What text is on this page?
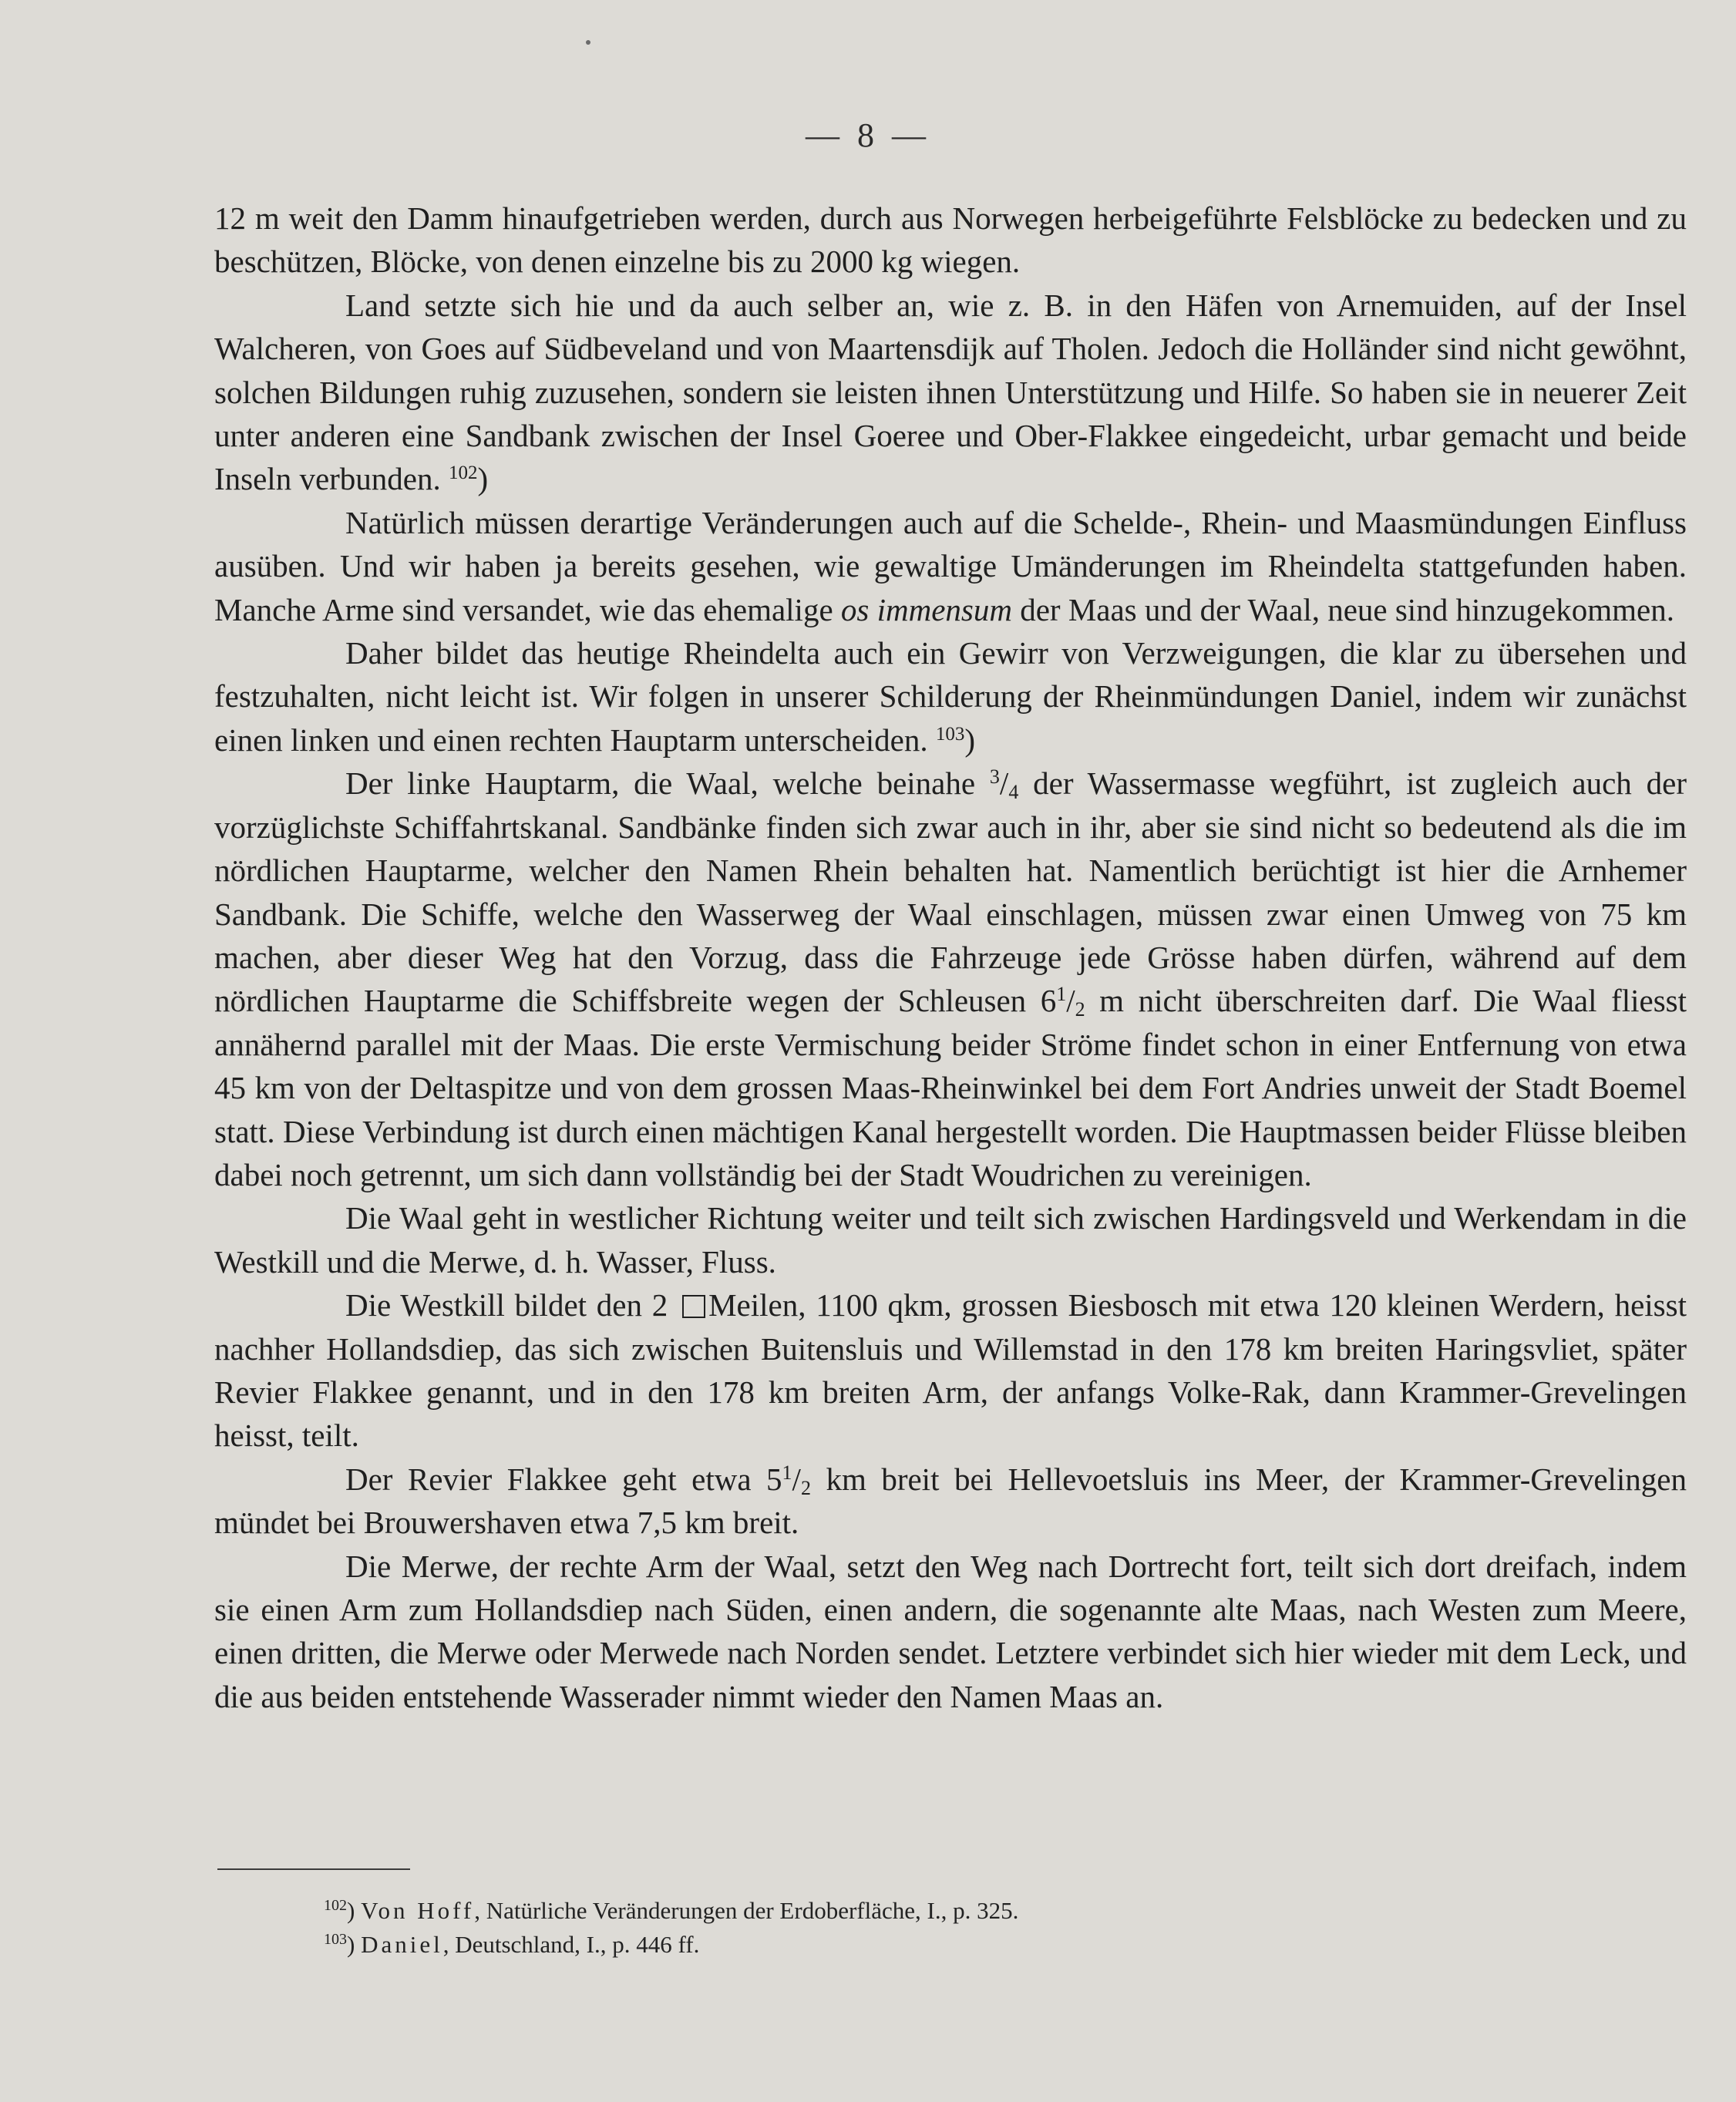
— 8 —

12 m weit den Damm hinaufgetrieben werden, durch aus Norwegen herbeigeführte Felsblöcke zu bedecken und zu beschützen, Blöcke, von denen einzelne bis zu 2000 kg wiegen.

Land setzte sich hie und da auch selber an, wie z. B. in den Häfen von Arnemuiden, auf der Insel Walcheren, von Goes auf Südbeveland und von Maartensdijk auf Tholen. Jedoch die Holländer sind nicht gewöhnt, solchen Bildungen ruhig zuzusehen, sondern sie leisten ihnen Unterstützung und Hilfe. So haben sie in neuerer Zeit unter anderen eine Sandbank zwischen der Insel Goeree und Ober-Flakkee eingedeicht, urbar gemacht und beide Inseln verbunden. $^{102}$)

Natürlich müssen derartige Veränderungen auch auf die Schelde-, Rhein- und Maasmündungen Einfluss ausüben. Und wir haben ja bereits gesehen, wie gewaltige Umänderungen im Rheindelta stattgefunden haben. Manche Arme sind versandet, wie das ehemalige os immensum der Maas und der Waal, neue sind hinzugekommen.

Daher bildet das heutige Rheindelta auch ein Gewirr von Verzweigungen, die klar zu übersehen und festzuhalten, nicht leicht ist. Wir folgen in unserer Schilderung der Rheinmündungen Daniel, indem wir zunächst einen linken und einen rechten Hauptarm unterscheiden. $^{103}$)

Der linke Hauptarm, die Waal, welche beinahe $^3/_4$ der Wassermasse wegführt, ist zugleich auch der vorzüglichste Schiffahrtskanal. Sandbänke finden sich zwar auch in ihr, aber sie sind nicht so bedeutend als die im nördlichen Hauptarme, welcher den Namen Rhein behalten hat. Namentlich berüchtigt ist hier die Arnhemer Sandbank. Die Schiffe, welche den Wasserweg der Waal einschlagen, müssen zwar einen Umweg von 75 km machen, aber dieser Weg hat den Vorzug, dass die Fahrzeuge jede Grösse haben dürfen, während auf dem nördlichen Hauptarme die Schiffsbreite wegen der Schleusen $6^1/_2$ m nicht überschreiten darf. Die Waal fliesst annähernd parallel mit der Maas. Die erste Vermischung beider Ströme findet schon in einer Entfernung von etwa 45 km von der Deltaspitze und von dem grossen Maas-Rheinwinkel bei dem Fort Andries unweit der Stadt Boemel statt. Diese Verbindung ist durch einen mächtigen Kanal hergestellt worden. Die Hauptmassen beider Flüsse bleiben dabei noch getrennt, um sich dann vollständig bei der Stadt Woudrichen zu vereinigen.

Die Waal geht in westlicher Richtung weiter und teilt sich zwischen Hardingsveld und Werkendam in die Westkill und die Merwe, d. h. Wasser, Fluss.

Die Westkill bildet den 2 Meilen, 1100 qkm, grossen Biesbosch mit etwa 120 kleinen Werdern, heisst nachher Hollandsdiep, das sich zwischen Buitensluis und Willemstad in den 178 km breiten Haringsvliet, später Revier Flakkee genannt, und in den 178 km breiten Arm, der anfangs Volke-Rak, dann Krammer-Grevelingen heisst, teilt.

Der Revier Flakkee geht etwa $5^1/_2$ km breit bei Hellevoetsluis ins Meer, der Krammer-Grevelingen mündet bei Brouwershaven etwa 7,5 km breit.

Die Merwe, der rechte Arm der Waal, setzt den Weg nach Dortrecht fort, teilt sich dort dreifach, indem sie einen Arm zum Hollandsdiep nach Süden, einen andern, die sogenannte alte Maas, nach Westen zum Meere, einen dritten, die Merwe oder Merwede nach Norden sendet. Letztere verbindet sich hier wieder mit dem Leck, und die aus beiden entstehende Wasserader nimmt wieder den Namen Maas an.

$^{102}$) Von Hoff, Natürliche Veränderungen der Erdoberfläche, I., p. 325.

$^{103}$) Daniel, Deutschland, I., p. 446 ff.
